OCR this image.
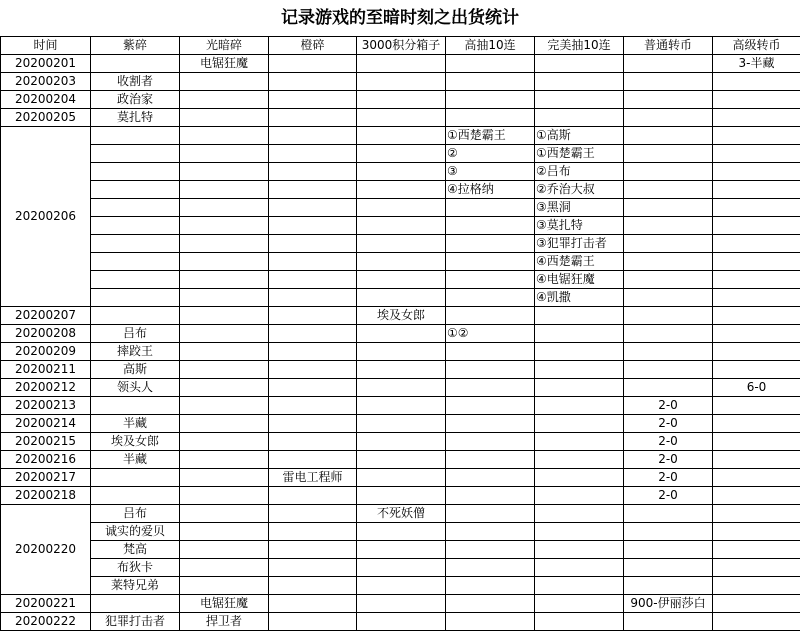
记录游戏的至暗时刻之出货统计
时间	紫碎	光暗碎	橙碎	3000积分箱子	高抽10连	完美抽10连	普通转币	高级转币
20200201		电锯狂魔						3-半藏
20200203	收割者							
20200204	政治家							
20200205	莫扎特							
20200206					①西楚霸王	①高斯		
					②	①西楚霸王		
					③	②吕布		
					④拉格纳	②乔治大叔		
						③黑洞		
						③莫扎特		
						③犯罪打击者		
						④西楚霸王		
						④电锯狂魔		
						④凯撒		
20200207				埃及女郎				
20200208	吕布				①②			
20200209	摔跤王							
20200211	高斯							
20200212	领头人							6-0
20200213							2-0	
20200214	半藏						2-0	
20200215	埃及女郎						2-0	
20200216	半藏						2-0	
20200217			雷电工程师				2-0	
20200218							2-0	
20200220	吕布			不死妖僧				
	诚实的爱贝							
	梵高							
	布狄卡							
	莱特兄弟							
20200221		电锯狂魔					900-伊丽莎白	
20200222	犯罪打击者	捍卫者						
